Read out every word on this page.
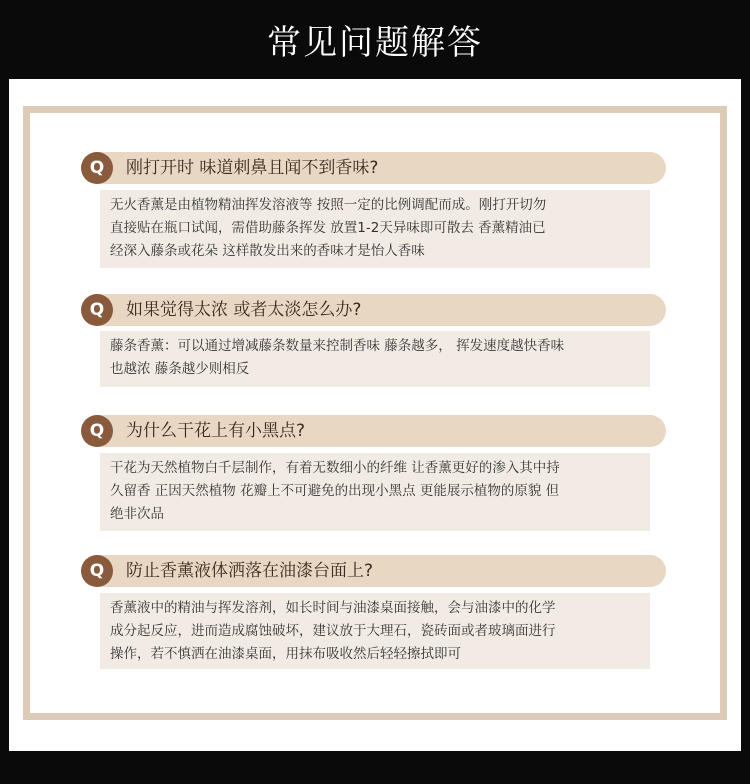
常见问题解答
Q	刚打开时 味道刺鼻且闻不到香味?
无火香薰是由植物精油挥发溶液等 按照一定的比例调配而成。刚打开切勿
直接贴在瓶口试闻，需借助藤条挥发 放置1-2天异味即可散去 香薰精油已
经深入藤条或花朵 这样散发出来的香味才是怡人香味
Q	如果觉得太浓 或者太淡怎么办?
藤条香薰：可以通过增减藤条数量来控制香味 藤条越多， 挥发速度越快香味
也越浓 藤条越少则相反
Q	为什么干花上有小黑点?
干花为天然植物白千层制作，有着无数细小的纤维 让香薰更好的渗入其中持
久留香 正因天然植物 花瓣上不可避免的出现小黑点 更能展示植物的原貌 但
绝非次品
Q	防止香薰液体洒落在油漆台面上?
香薰液中的精油与挥发溶剂，如长时间与油漆桌面接触，会与油漆中的化学
成分起反应，进而造成腐蚀破坏，建议放于大理石，瓷砖面或者玻璃面进行
操作，若不慎洒在油漆桌面，用抹布吸收然后轻轻擦拭即可
